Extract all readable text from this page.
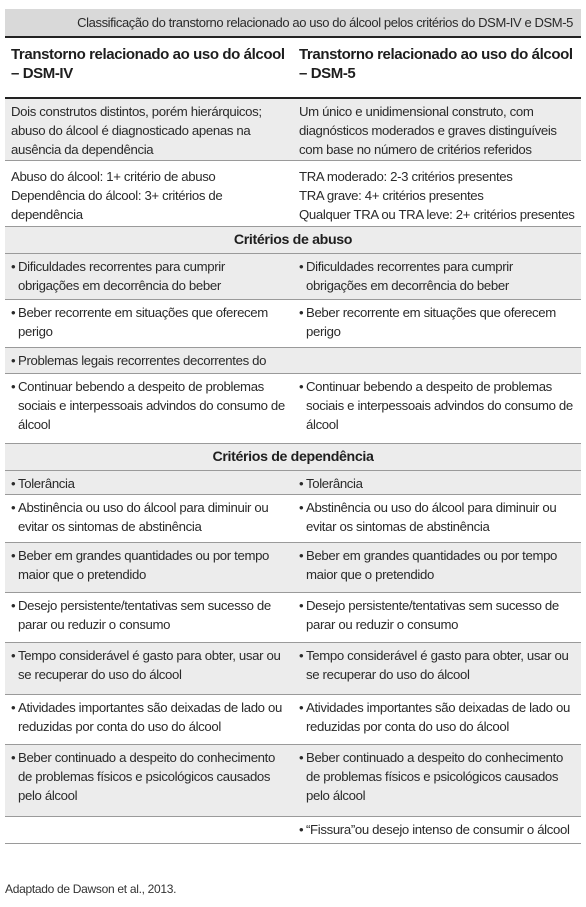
Classificação do transtorno relacionado ao uso do álcool pelos critérios do DSM-IV e DSM-5
Transtorno relacionado ao uso do álcool – DSM-IV
Transtorno relacionado ao uso do álcool – DSM-5
Dois construtos distintos, porém hierárquicos; abuso do álcool é diagnosticado apenas na ausência da dependência
Um único e unidimensional construto, com diagnósticos moderados e graves distinguíveis com base no número de critérios referidos
Abuso do álcool: 1+ critério de abuso
Dependência do álcool: 3+ critérios de dependência
TRA moderado: 2-3 critérios presentes
TRA grave: 4+ critérios presentes
Qualquer TRA ou TRA leve: 2+ critérios presentes
Critérios de abuso
• Dificuldades recorrentes para cumprir obrigações em decorrência do beber
• Dificuldades recorrentes para cumprir obrigações em decorrência do beber
• Beber recorrente em situações que oferecem perigo
• Beber recorrente em situações que oferecem perigo
• Problemas legais recorrentes decorrentes do
• Continuar bebendo a despeito de problemas sociais e interpessoais advindos do consumo de álcool
• Continuar bebendo a despeito de problemas sociais e interpessoais advindos do consumo de álcool
Critérios de dependência
• Tolerância	• Tolerância
• Abstinência ou uso do álcool para diminuir ou evitar os sintomas de abstinência
• Abstinência ou uso do álcool para diminuir ou evitar os sintomas de abstinência
• Beber em grandes quantidades ou por tempo maior que o pretendido
• Beber em grandes quantidades ou por tempo maior que o pretendido
• Desejo persistente/tentativas sem sucesso de parar ou reduzir o consumo
• Desejo persistente/tentativas sem sucesso de parar ou reduzir o consumo
• Tempo considerável é gasto para obter, usar ou se recuperar do uso do álcool
• Tempo considerável é gasto para obter, usar ou se recuperar do uso do álcool
• Atividades importantes são deixadas de lado ou reduzidas por conta do uso do álcool
• Atividades importantes são deixadas de lado ou reduzidas por conta do uso do álcool
• Beber continuado a despeito do conhecimento de problemas físicos e psicológicos causados pelo álcool
• Beber continuado a despeito do conhecimento de problemas físicos e psicológicos causados pelo álcool
• “Fissura”ou desejo intenso de consumir o álcool
Adaptado de Dawson et al., 2013.
